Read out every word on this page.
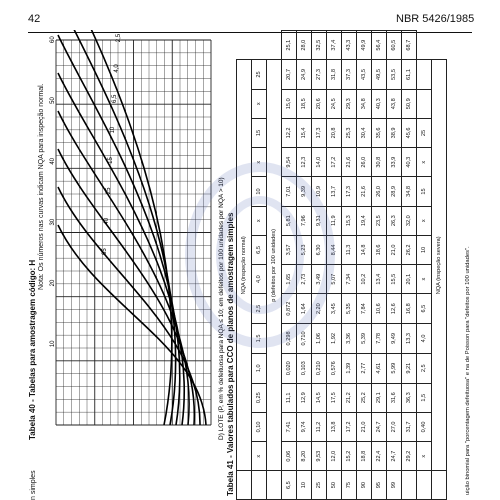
42	NBR 5426/1985
n simples
Tabela 40 - Tabelas para amostragem código: H
Nota: Os números nas curvas indicam NQA para inspeção normal.
60
50
40
30
20
10
65
40
25
15
10
6,5
4,0
2,5
D) LOTE (P, em % defeituosa para NQA ≤ 10; em defeitos por 100 unidades por NQA > 10) Tabela 41 - Valores tabulados para CCO de planos de amostragem simples
	NQA (inspeção normal)														
	x	0,10	0,25	1,0	1,5	2,5	4,0	6,5	x	10	x	15	x	25	
	p (defeitos por 100 unidades)														
6,5	0,06	7,41	11,1	0,020	0,298	0,872	1,65	3,57	5,81	7,01	9,54	12,2	15,0	20,7	25,1
10	8,20	9,74	12,9	0,103	0,710	1,64	2,73	5,23	7,96	9,39	12,3	15,4	18,5	24,9	28,0
25	9,53	11,2	14,5	0,210	1,06	2,20	3,49	6,30	9,31	10,9	14,0	17,3	20,6	27,3	32,5
50	12,0	13,8	17,5	0,576	1,92	3,45	5,07	8,44	11,9	13,7	17,2	20,8	24,5	31,8	37,4
75	15,2	17,2	21,2	1,39	3,36	5,35	7,34	11,3	15,3	17,3	21,6	25,3	29,3	37,3	43,3
90	18,8	21,0	25,2	2,77	5,39	7,84	10,2	14,8	19,4	21,6	26,0	30,4	34,8	43,5	49,9
95	22,4	24,7	29,1	4,61	7,78	10,6	13,4	18,6	23,5	26,0	30,8	35,6	40,3	49,5	56,4
99	24,7	27,0	31,6	5,99	9,49	12,6	15,5	21,0	26,3	28,9	33,9	38,9	43,8	53,5	60,5
	29,2	31,7	36,3	9,21	13,3	16,8	20,1	26,2	32,0	34,8	40,3	45,6	50,9	61,1	68,7
	x	0,40	1,5	2,5	4,0	6,5	x	10	x	15	x	25			
	NQA (inspeção severa)															uição binomial para "porcentagem defeituosa" e na de Poisson para "defeitos por 100 unidades".
